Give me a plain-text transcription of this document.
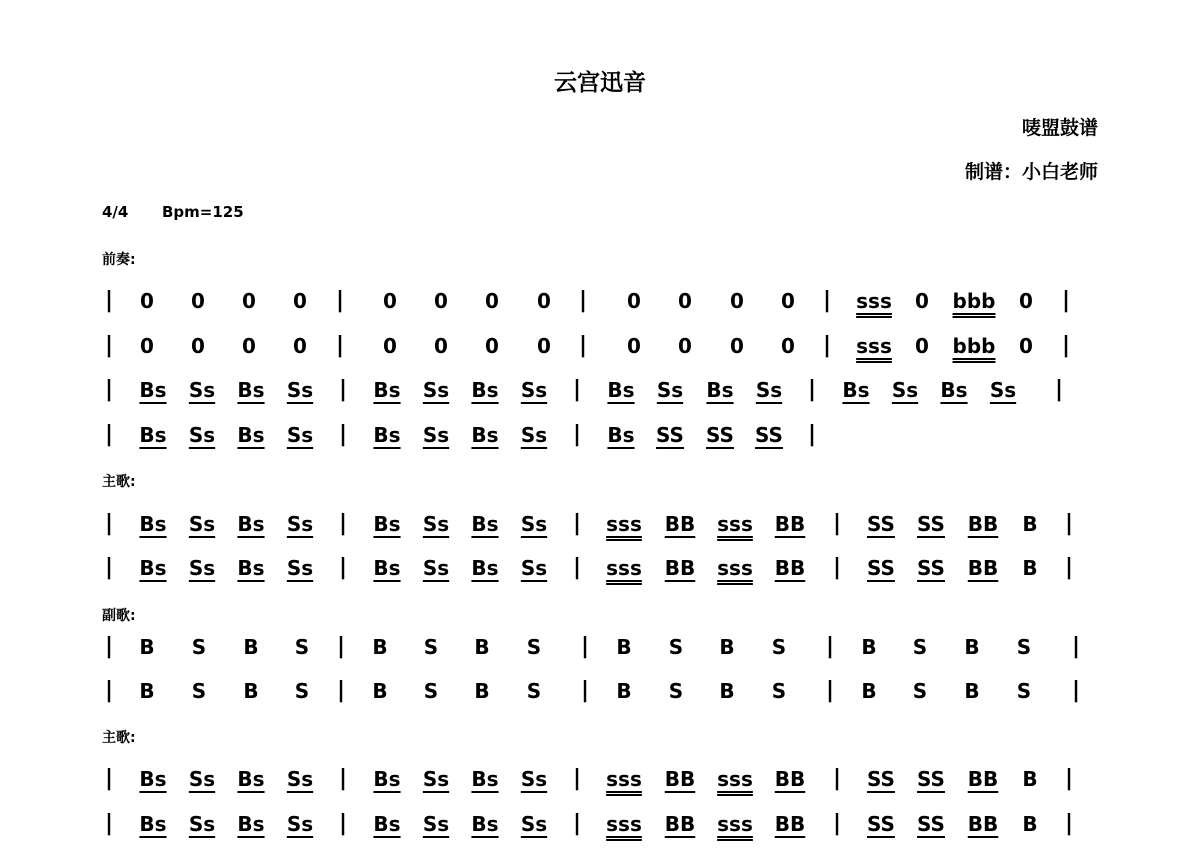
云宫迅音
唛盟鼓谱
制谱：小白老师
4/4 Bpm=125
前奏:
| 0 0 0 0 | 0 0 0 0 | 0 0 0 0 | sss 0 bbb 0 |
| 0 0 0 0 | 0 0 0 0 | 0 0 0 0 | sss 0 bbb 0 |
| Bs Ss Bs Ss | Bs Ss Bs Ss | Bs Ss Bs Ss | Bs Ss Bs Ss |
| Bs Ss Bs Ss | Bs Ss Bs Ss | Bs SS SS SS |
主歌:
| Bs Ss Bs Ss | Bs Ss Bs Ss | sss BB sss BB | SS SS BB B |
| Bs Ss Bs Ss | Bs Ss Bs Ss | sss BB sss BB | SS SS BB B |
副歌:
| B S B S | B S B S | B S B S | B S B S |
| B S B S | B S B S | B S B S | B S B S |
主歌:
| Bs Ss Bs Ss | Bs Ss Bs Ss | sss BB sss BB | SS SS BB B |
| Bs Ss Bs Ss | Bs Ss Bs Ss | sss BB sss BB | SS SS BB B |
